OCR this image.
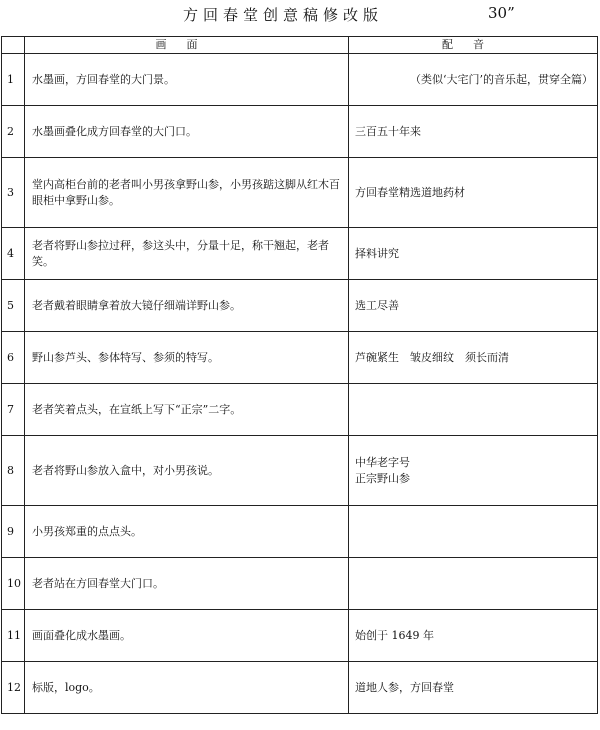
方回春堂创意稿修改版	30”
	画面	配音
1	水墨画，方回春堂的大门景。	（类似‘大宅门’的音乐起，贯穿全篇）
2	水墨画叠化成方回春堂的大门口。	三百五十年来
3	堂内高柜台前的老者叫小男孩拿野山参，小男孩踮这脚从红木百眼柜中拿野山参。	方回春堂精选道地药材
4	老者将野山参拉过秤，参这头中，分量十足，称干翘起，老者笑。	择料讲究
5	老者戴着眼睛拿着放大镜仔细端详野山参。	选工尽善
6	野山参芦头、参体特写、参须的特写。	芦碗紧生　皱皮细纹　须长而清
7	老者笑着点头，在宣纸上写下“正宗”二字。	
8	老者将野山参放入盒中，对小男孩说。	中华老字号
正宗野山参

9	小男孩郑重的点点头。	
10	老者站在方回春堂大门口。	
11	画面叠化成水墨画。	始创于 1649 年
12	标版，logo。	道地人参，方回春堂
